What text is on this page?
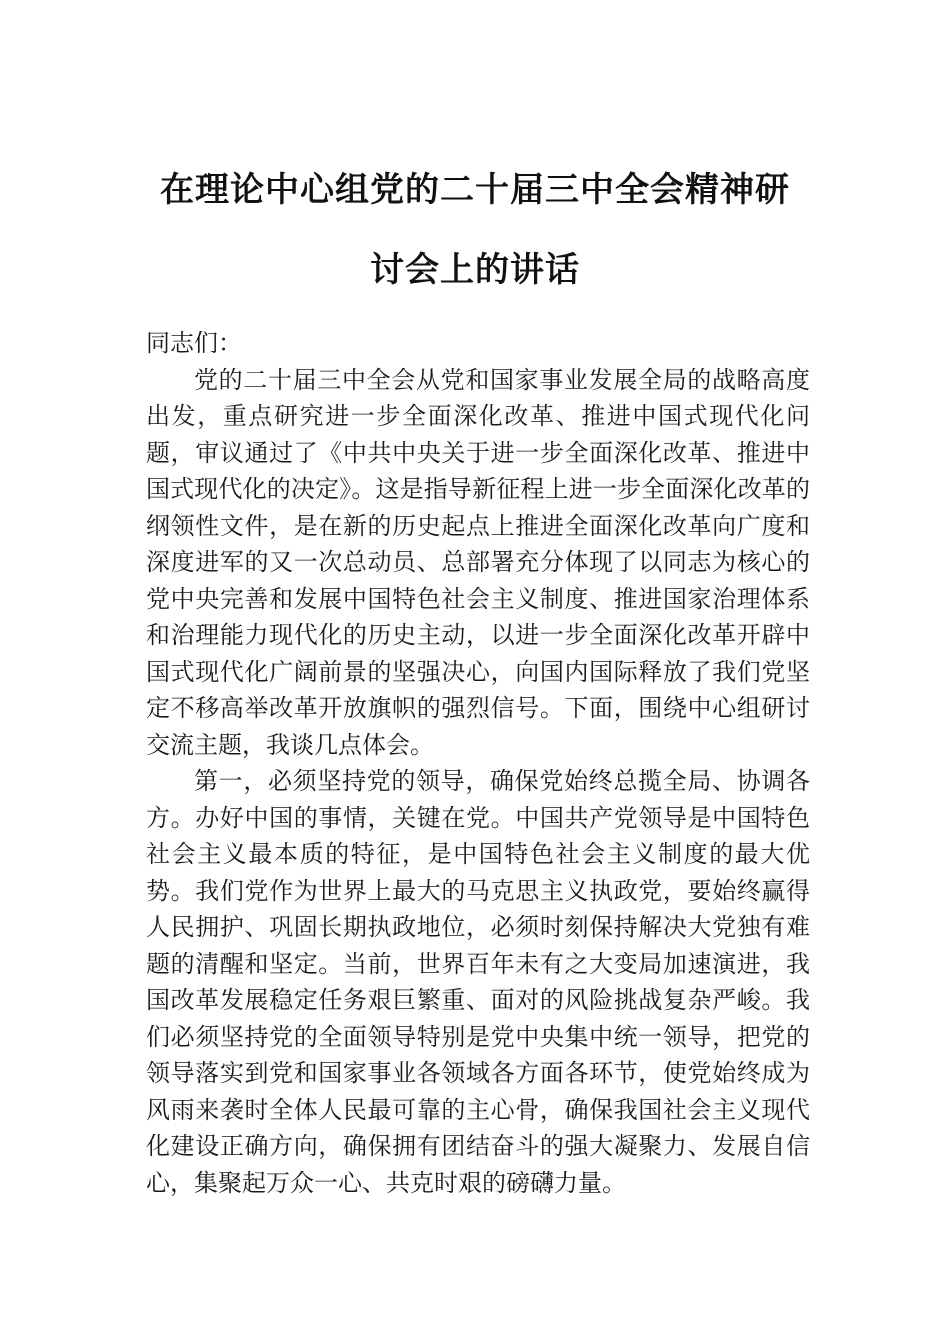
在理论中心组党的二十届三中全会精神研
讨会上的讲话

同志们：

党的二十届三中全会从党和国家事业发展全局的战略高度出发，重点研究进一步全面深化改革、推进中国式现代化问题，审议通过了《中共中央关于进一步全面深化改革、推进中国式现代化的决定》。这是指导新征程上进一步全面深化改革的纲领性文件，是在新的历史起点上推进全面深化改革向广度和深度进军的又一次总动员、总部署充分体现了以同志为核心的党中央完善和发展中国特色社会主义制度、推进国家治理体系和治理能力现代化的历史主动，以进一步全面深化改革开辟中国式现代化广阔前景的坚强决心，向国内国际释放了我们党坚定不移高举改革开放旗帜的强烈信号。下面，围绕中心组研讨交流主题，我谈几点体会。

第一，必须坚持党的领导，确保党始终总揽全局、协调各方。办好中国的事情，关键在党。中国共产党领导是中国特色社会主义最本质的特征，是中国特色社会主义制度的最大优势。我们党作为世界上最大的马克思主义执政党，要始终赢得人民拥护、巩固长期执政地位，必须时刻保持解决大党独有难题的清醒和坚定。当前，世界百年未有之大变局加速演进，我国改革发展稳定任务艰巨繁重、面对的风险挑战复杂严峻。我们必须坚持党的全面领导特别是党中央集中统一领导，把党的领导落实到党和国家事业各领域各方面各环节，使党始终成为风雨来袭时全体人民最可靠的主心骨，确保我国社会主义现代化建设正确方向，确保拥有团结奋斗的强大凝聚力、发展自信心，集聚起万众一心、共克时艰的磅礴力量。
